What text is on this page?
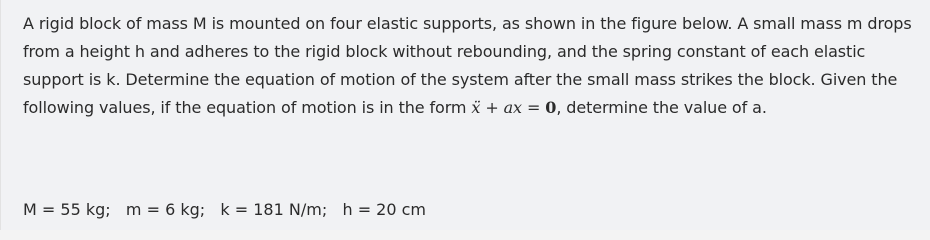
A rigid block of mass M is mounted on four elastic supports, as shown in the figure below. A small mass m drops from a height h and adheres to the rigid block without rebounding, and the spring constant of each elastic support is k. Determine the equation of motion of the system after the small mass strikes the block. Given the following values, if the equation of motion is in the form ẍ + ax = 0, determine the value of a.

M = 55 kg;   m = 6 kg;   k = 181 N/m;   h = 20 cm
